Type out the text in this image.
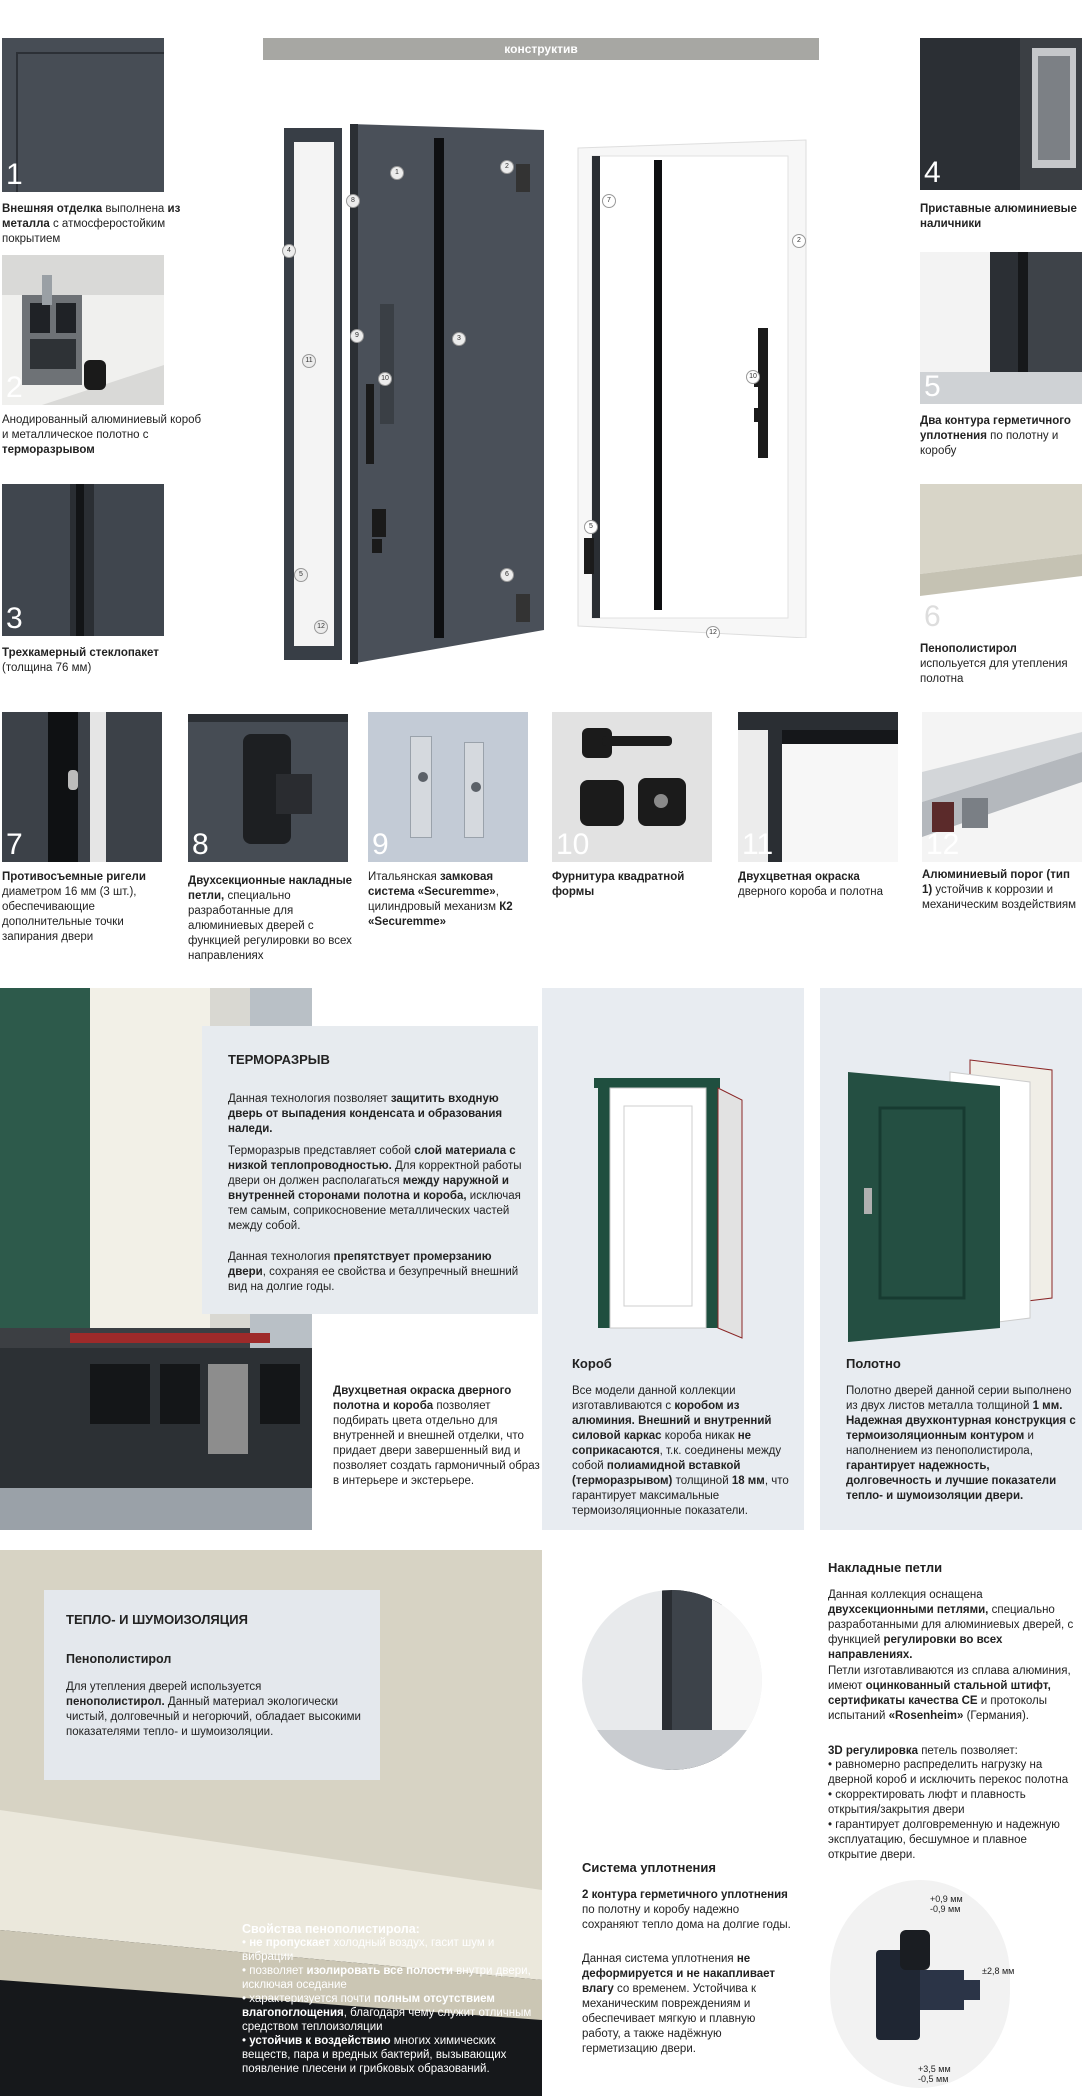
конструктив
1
Внешняя отделка выполнена из металла с атмосферостойким покрытием
2
Анодированный алюминиевый короб и металлическое полотно с терморазрывом
3
Трехкамерный стеклопакет (толщина 76 мм)
1
2
3
4
5	6
8
9
10
11
12
2
7
10
12
5
4
Приставные алюминиевые наличники
5
Два контура герметичного уплотнения по полотну и коробу
6
Пенополистирол испольуется для утепления полотна
7
Противосъемные ригели диаметром 16 мм (3 шт.), обеспечивающие дополнительные точки запирания двери
8
Двухсекционные накладные петли, специально разработанные для алюминиевых дверей с функцией регулировки во всех направлениях
9
Итальянская замковая система «Securemme», цилиндровый механизм К2 «Securemme»
10
Фурнитура квадратной формы
11
Двухцветная окраска дверного короба и полотна
12
Алюминиевый порог (тип 1) устойчив к коррозии и механическим воздействиям
ТЕРМОРАЗРЫВ
Данная технология позволяет защитить входную дверь от выпадения конденсата и образования наледи.
Терморазрыв представляет собой слой материала с низкой теплопроводностью. Для корректной работы двери он должен располагаться между наружной и внутренней сторонами полотна и короба, исключая тем самым, соприкосновение металлических частей между собой.
Данная технология препятствует промерзанию двери, сохраняя ее свойства и безупречный внешний вид на долгие годы.
Двухцветная окраска дверного полотна и короба позволяет подбирать цвета отдельно для внутренней и внешней отделки, что придает двери завершенный вид и позволяет создать гармоничный образ в интерьере и экстерьере.
Короб
Все модели данной коллекции изготавливаются с коробом из алюминия. Внешний и внутренний силовой каркас короба никак не соприкасаются, т.к. соединены между собой полиамидной вставкой (терморазрывом) толщиной 18 мм, что гарантирует максимальные термоизоляционные показатели.
Полотно
Полотно дверей данной серии выполнено из двух листов металла толщиной 1 мм. Надежная двухконтурная конструкция с термоизоляционным контуром и наполнением из пенополистирола, гарантирует надежность, долговечность и лучшие показатели тепло- и шумоизоляции двери.
ТЕПЛО- И ШУМОИЗОЛЯЦИЯ
Пенополистирол
Для утепления дверей используется пенополистирол. Данный материал экологически чистый, долговечный и негорючий, обладает высокими показателями тепло- и шумоизоляции.
Свойства пенополистирола:
• не пропускает холодный воздух, гасит шум и вибрации
• позволяет изолировать все полости внутри двери, исключая оседание
• характеризуется почти полным отсутствием влагопоглощения, благодаря чему служит отличным средством теплоизоляции
• устойчив к воздействию многих химических веществ, пара и вредных бактерий, вызывающих появление плесени и грибковых образований.
Система уплотнения
2 контура герметичного уплотнения по полотну и коробу надежно сохраняют тепло дома на долгие годы.
Данная система уплотнения не деформируется и не накапливает влагу со временем. Устойчива к механическим повреждениям и обеспечивает мягкую и плавную работу, а также надёжную герметизацию двери.
Накладные петли
Данная коллекция оснащена двухсекционными петлями, специально разработанными для алюминиевых дверей, с функцией регулировки во всех направлениях.
Петли изготавливаются из сплава алюминия, имеют оцинкованный стальной штифт, сертификаты качества CE и протоколы испытаний «Rosenheim» (Германия).
3D регулировка петель позволяет:
• равномерно распределить нагрузку на дверной короб и исключить перекос полотна
• скорректировать люфт и плавность открытия/закрытия двери
• гарантирует долговременную и надежную эксплуатацию, бесшумное и плавное открытие двери.
+0,9 мм
-0,9 мм
±2,8 мм
+3,5 мм
-0,5 мм
